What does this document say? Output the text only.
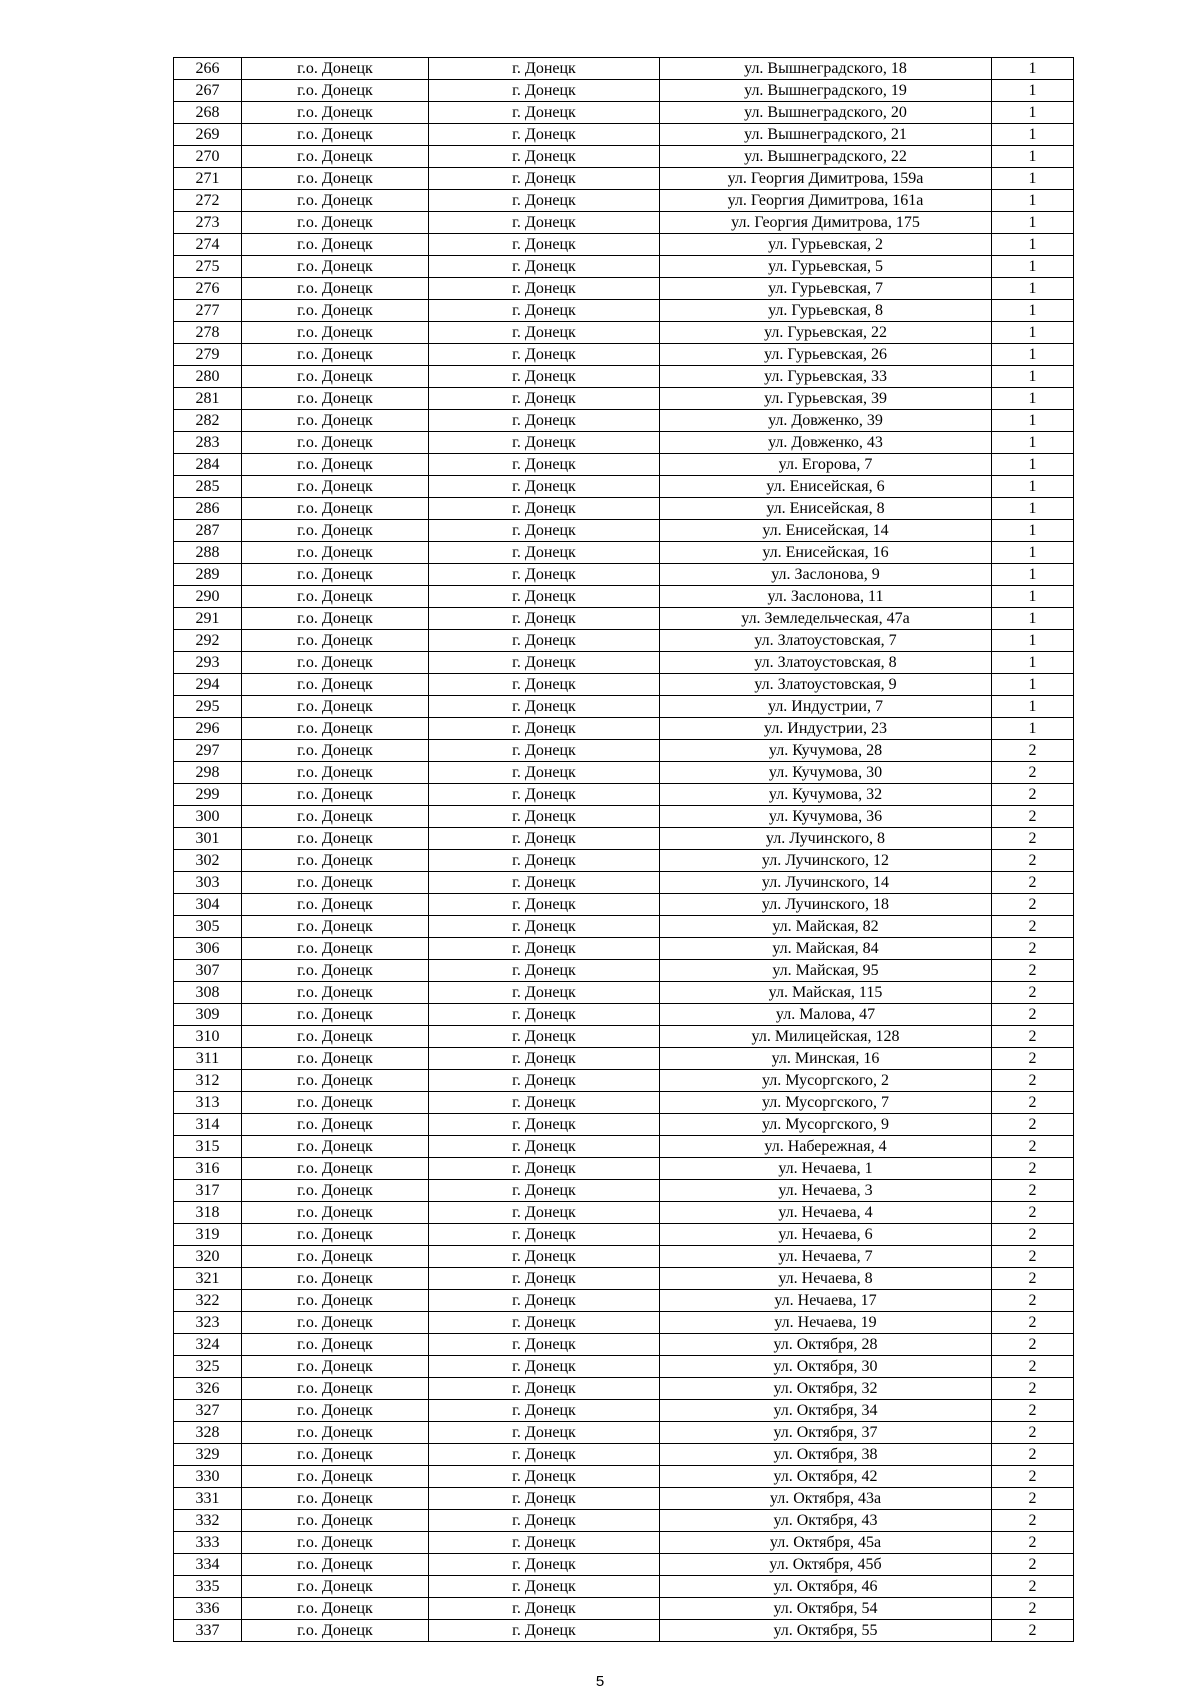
266	г.о. Донецк	г. Донецк	ул. Вышнеградского, 18	1
267	г.о. Донецк	г. Донецк	ул. Вышнеградского, 19	1
268	г.о. Донецк	г. Донецк	ул. Вышнеградского, 20	1
269	г.о. Донецк	г. Донецк	ул. Вышнеградского, 21	1
270	г.о. Донецк	г. Донецк	ул. Вышнеградского, 22	1
271	г.о. Донецк	г. Донецк	ул. Георгия Димитрова, 159а	1
272	г.о. Донецк	г. Донецк	ул. Георгия Димитрова, 161а	1
273	г.о. Донецк	г. Донецк	ул. Георгия Димитрова, 175	1
274	г.о. Донецк	г. Донецк	ул. Гурьевская, 2	1
275	г.о. Донецк	г. Донецк	ул. Гурьевская, 5	1
276	г.о. Донецк	г. Донецк	ул. Гурьевская, 7	1
277	г.о. Донецк	г. Донецк	ул. Гурьевская, 8	1
278	г.о. Донецк	г. Донецк	ул. Гурьевская, 22	1
279	г.о. Донецк	г. Донецк	ул. Гурьевская, 26	1
280	г.о. Донецк	г. Донецк	ул. Гурьевская, 33	1
281	г.о. Донецк	г. Донецк	ул. Гурьевская, 39	1
282	г.о. Донецк	г. Донецк	ул. Довженко, 39	1
283	г.о. Донецк	г. Донецк	ул. Довженко, 43	1
284	г.о. Донецк	г. Донецк	ул. Егорова, 7	1
285	г.о. Донецк	г. Донецк	ул. Енисейская, 6	1
286	г.о. Донецк	г. Донецк	ул. Енисейская, 8	1
287	г.о. Донецк	г. Донецк	ул. Енисейская, 14	1
288	г.о. Донецк	г. Донецк	ул. Енисейская, 16	1
289	г.о. Донецк	г. Донецк	ул. Заслонова, 9	1
290	г.о. Донецк	г. Донецк	ул. Заслонова, 11	1
291	г.о. Донецк	г. Донецк	ул. Земледельческая, 47а	1
292	г.о. Донецк	г. Донецк	ул. Златоустовская, 7	1
293	г.о. Донецк	г. Донецк	ул. Златоустовская, 8	1
294	г.о. Донецк	г. Донецк	ул. Златоустовская, 9	1
295	г.о. Донецк	г. Донецк	ул. Индустрии, 7	1
296	г.о. Донецк	г. Донецк	ул. Индустрии, 23	1
297	г.о. Донецк	г. Донецк	ул. Кучумова, 28	2
298	г.о. Донецк	г. Донецк	ул. Кучумова, 30	2
299	г.о. Донецк	г. Донецк	ул. Кучумова, 32	2
300	г.о. Донецк	г. Донецк	ул. Кучумова, 36	2
301	г.о. Донецк	г. Донецк	ул. Лучинского, 8	2
302	г.о. Донецк	г. Донецк	ул. Лучинского, 12	2
303	г.о. Донецк	г. Донецк	ул. Лучинского, 14	2
304	г.о. Донецк	г. Донецк	ул. Лучинского, 18	2
305	г.о. Донецк	г. Донецк	ул. Майская, 82	2
306	г.о. Донецк	г. Донецк	ул. Майская, 84	2
307	г.о. Донецк	г. Донецк	ул. Майская, 95	2
308	г.о. Донецк	г. Донецк	ул. Майская, 115	2
309	г.о. Донецк	г. Донецк	ул. Малова, 47	2
310	г.о. Донецк	г. Донецк	ул. Милицейская, 128	2
311	г.о. Донецк	г. Донецк	ул. Минская, 16	2
312	г.о. Донецк	г. Донецк	ул. Мусоргского, 2	2
313	г.о. Донецк	г. Донецк	ул. Мусоргского, 7	2
314	г.о. Донецк	г. Донецк	ул. Мусоргского, 9	2
315	г.о. Донецк	г. Донецк	ул. Набережная, 4	2
316	г.о. Донецк	г. Донецк	ул. Нечаева, 1	2
317	г.о. Донецк	г. Донецк	ул. Нечаева, 3	2
318	г.о. Донецк	г. Донецк	ул. Нечаева, 4	2
319	г.о. Донецк	г. Донецк	ул. Нечаева, 6	2
320	г.о. Донецк	г. Донецк	ул. Нечаева, 7	2
321	г.о. Донецк	г. Донецк	ул. Нечаева, 8	2
322	г.о. Донецк	г. Донецк	ул. Нечаева, 17	2
323	г.о. Донецк	г. Донецк	ул. Нечаева, 19	2
324	г.о. Донецк	г. Донецк	ул. Октября, 28	2
325	г.о. Донецк	г. Донецк	ул. Октября, 30	2
326	г.о. Донецк	г. Донецк	ул. Октября, 32	2
327	г.о. Донецк	г. Донецк	ул. Октября, 34	2
328	г.о. Донецк	г. Донецк	ул. Октября, 37	2
329	г.о. Донецк	г. Донецк	ул. Октября, 38	2
330	г.о. Донецк	г. Донецк	ул. Октября, 42	2
331	г.о. Донецк	г. Донецк	ул. Октября, 43а	2
332	г.о. Донецк	г. Донецк	ул. Октября, 43	2
333	г.о. Донецк	г. Донецк	ул. Октября, 45а	2
334	г.о. Донецк	г. Донецк	ул. Октября, 45б	2
335	г.о. Донецк	г. Донецк	ул. Октября, 46	2
336	г.о. Донецк	г. Донецк	ул. Октября, 54	2
337	г.о. Донецк	г. Донецк	ул. Октября, 55	2
5
